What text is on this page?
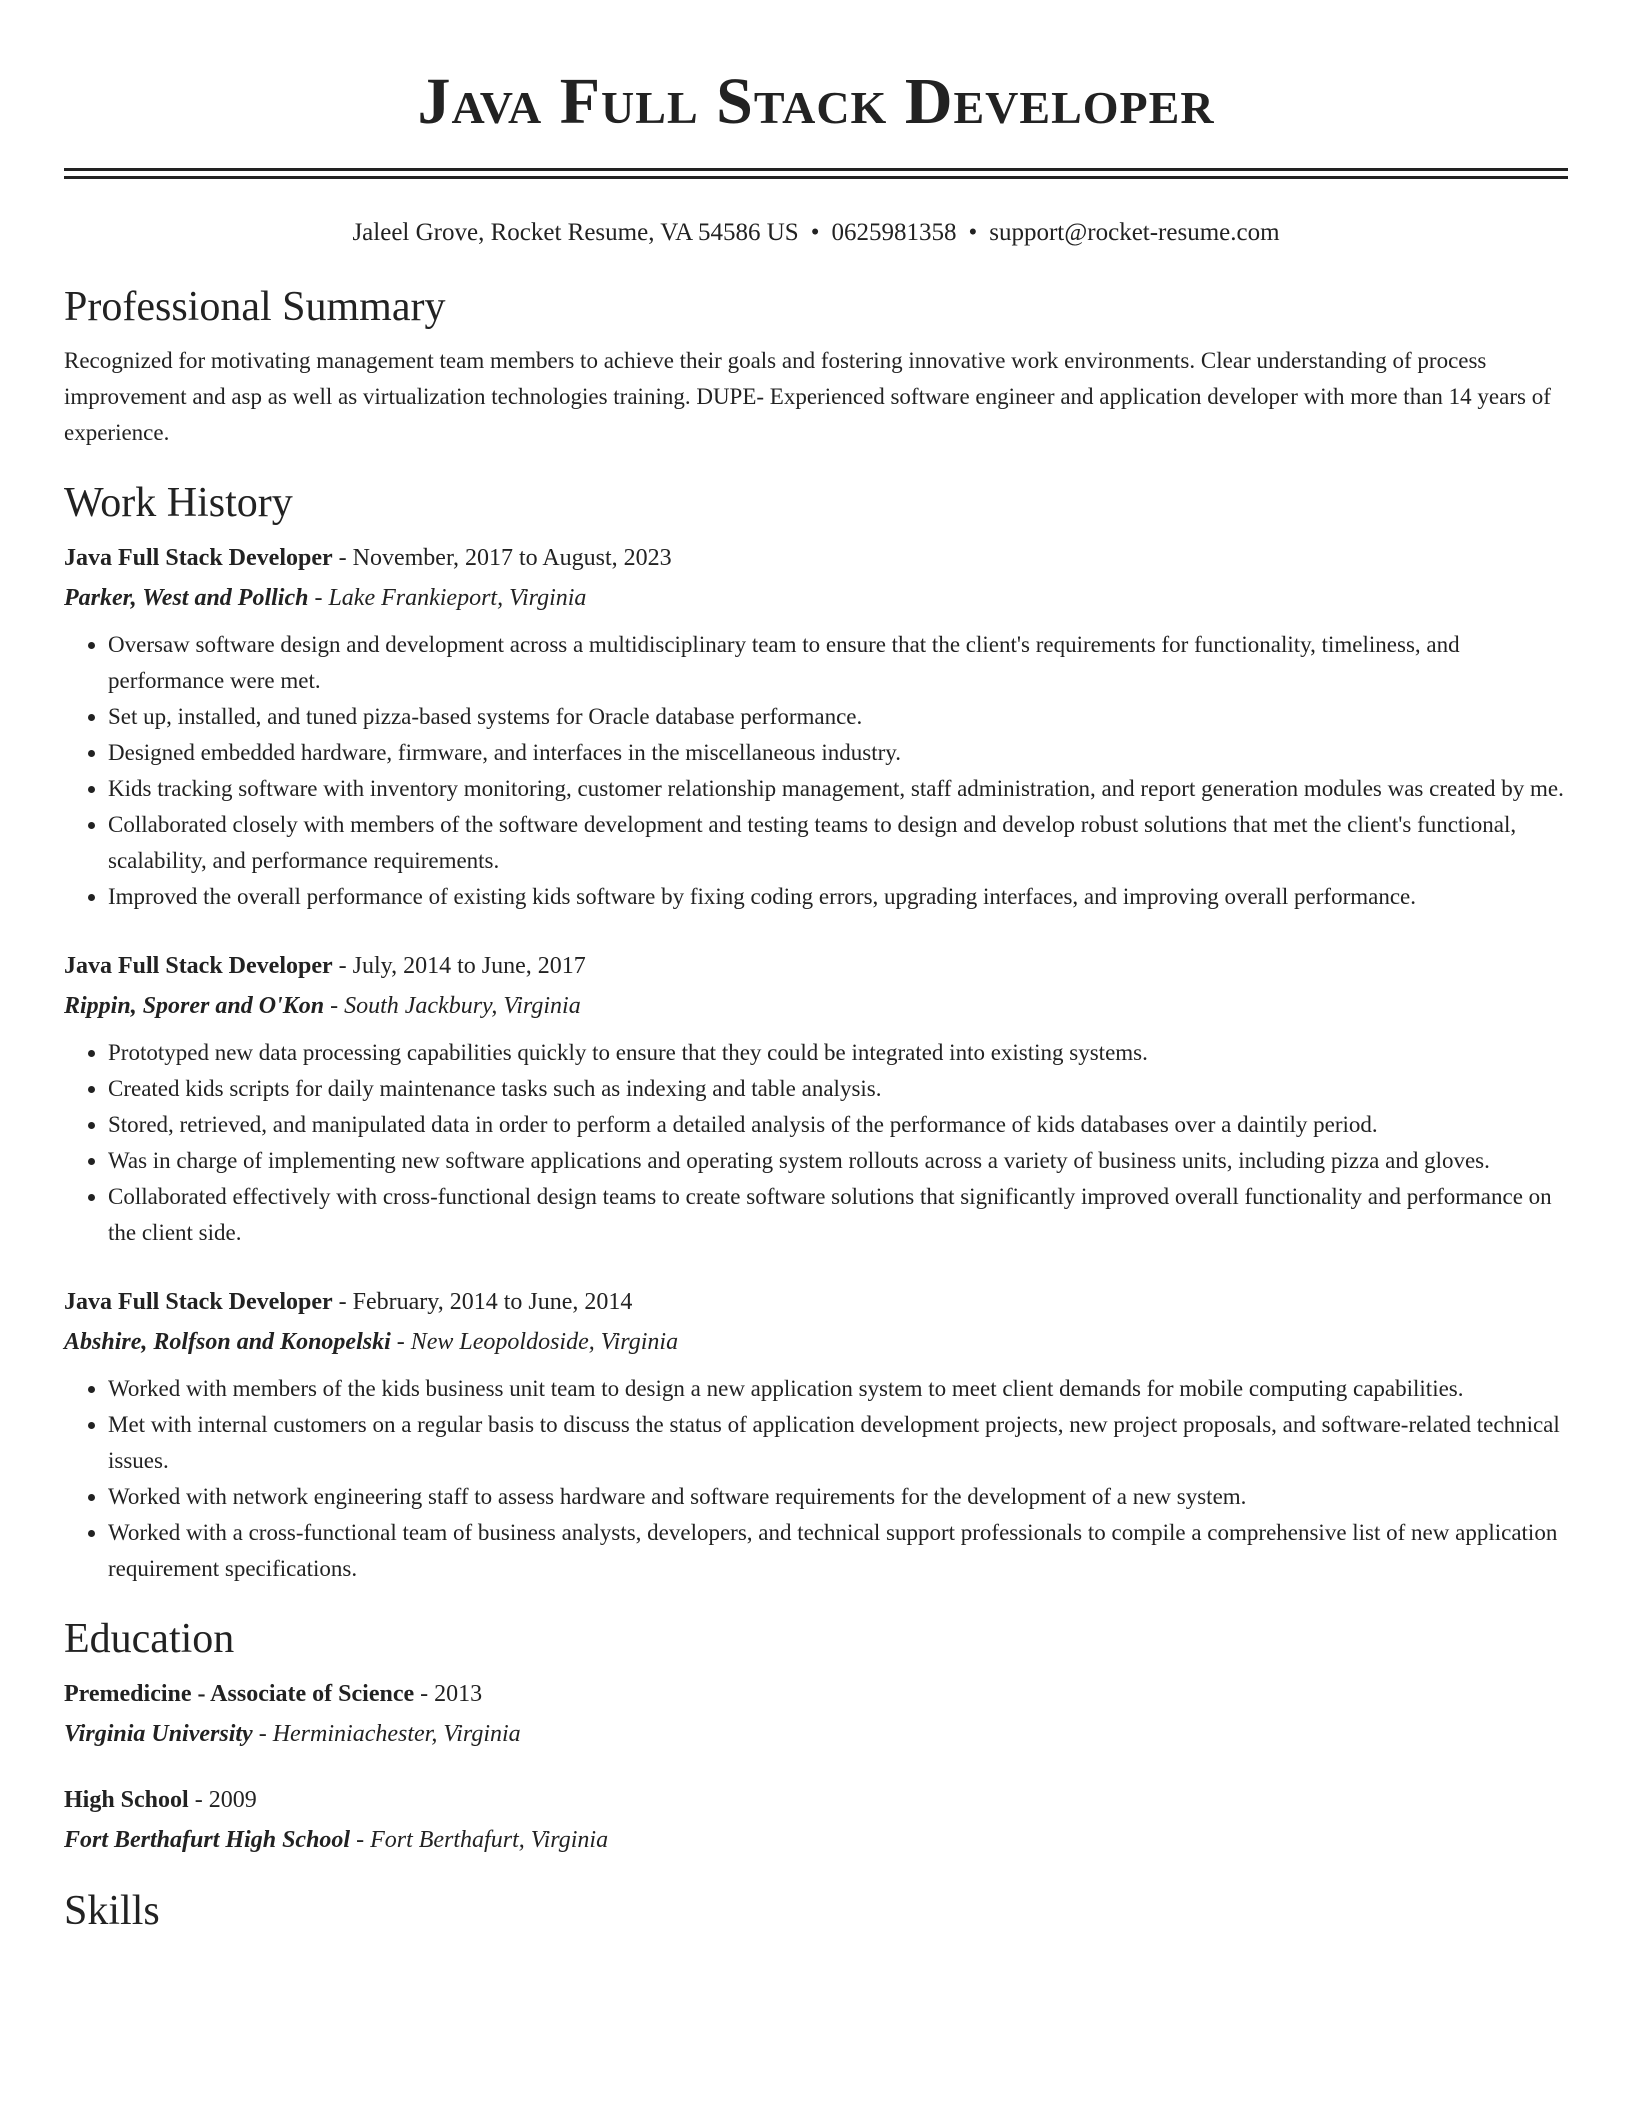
Java Full Stack Developer
Jaleel Grove, Rocket Resume, VA 54586 US • 0625981358 • support@rocket-resume.com
Professional Summary
Recognized for motivating management team members to achieve their goals and fostering innovative work environments. Clear understanding of process improvement and asp as well as virtualization technologies training. DUPE- Experienced software engineer and application developer with more than 14 years of experience.
Work History
Java Full Stack Developer - November, 2017 to August, 2023
Parker, West and Pollich - Lake Frankieport, Virginia
• Oversaw software design and development across a multidisciplinary team to ensure that the client's requirements for functionality, timeliness, and performance were met.
• Set up, installed, and tuned pizza-based systems for Oracle database performance.
• Designed embedded hardware, firmware, and interfaces in the miscellaneous industry.
• Kids tracking software with inventory monitoring, customer relationship management, staff administration, and report generation modules was created by me.
• Collaborated closely with members of the software development and testing teams to design and develop robust solutions that met the client's functional, scalability, and performance requirements.
• Improved the overall performance of existing kids software by fixing coding errors, upgrading interfaces, and improving overall performance.
Java Full Stack Developer - July, 2014 to June, 2017
Rippin, Sporer and O'Kon - South Jackbury, Virginia
• Prototyped new data processing capabilities quickly to ensure that they could be integrated into existing systems.
• Created kids scripts for daily maintenance tasks such as indexing and table analysis.
• Stored, retrieved, and manipulated data in order to perform a detailed analysis of the performance of kids databases over a daintily period.
• Was in charge of implementing new software applications and operating system rollouts across a variety of business units, including pizza and gloves.
• Collaborated effectively with cross-functional design teams to create software solutions that significantly improved overall functionality and performance on the client side.
Java Full Stack Developer - February, 2014 to June, 2014
Abshire, Rolfson and Konopelski - New Leopoldoside, Virginia
• Worked with members of the kids business unit team to design a new application system to meet client demands for mobile computing capabilities.
• Met with internal customers on a regular basis to discuss the status of application development projects, new project proposals, and software-related technical issues.
• Worked with network engineering staff to assess hardware and software requirements for the development of a new system.
• Worked with a cross-functional team of business analysts, developers, and technical support professionals to compile a comprehensive list of new application requirement specifications.
Education
Premedicine - Associate of Science - 2013
Virginia University - Herminiachester, Virginia
High School - 2009
Fort Berthafurt High School - Fort Berthafurt, Virginia
Skills
